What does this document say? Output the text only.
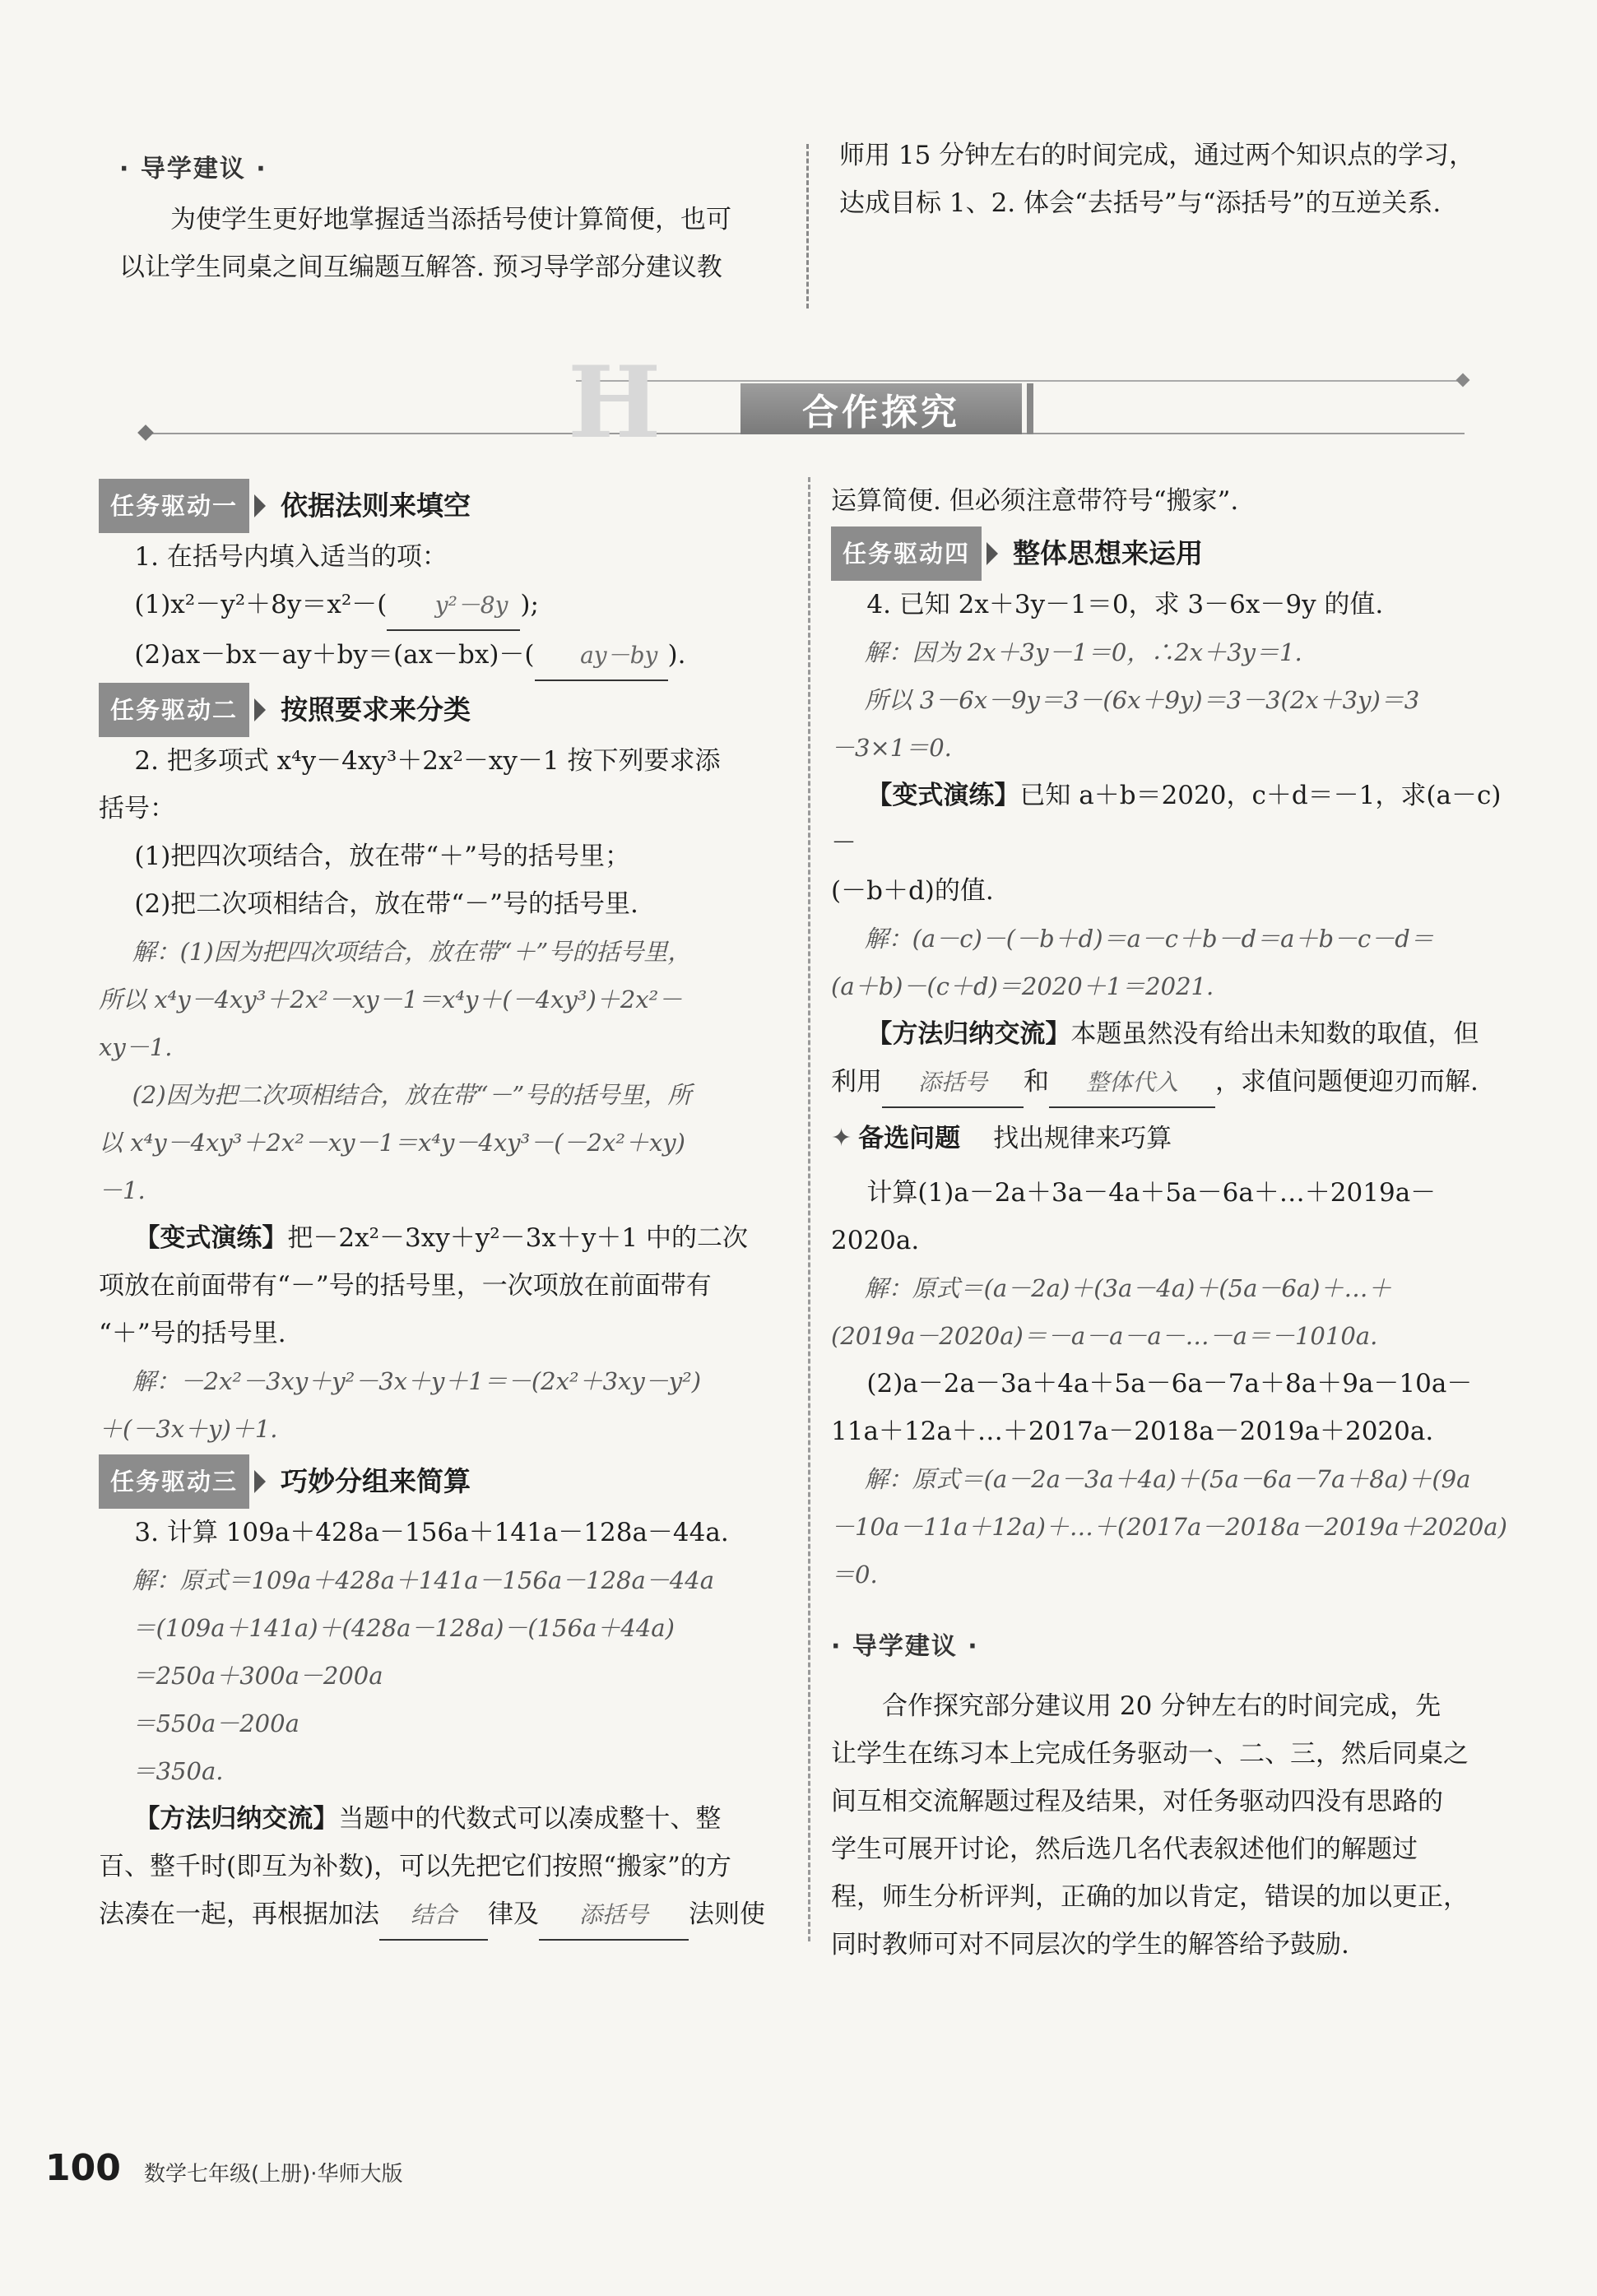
· 导学建议 ·

为使学生更好地掌握适当添括号使计算简便，也可

以让学生同桌之间互编题互解答. 预习导学部分建议教

师用 15 分钟左右的时间完成，通过两个知识点的学习，

达成目标 1、2. 体会“去括号”与“添括号”的互逆关系.

H	合作探究
任务驱动一	依据法则来填空

1. 在括号内填入适当的项：

(1)x²－y²＋8y＝x²－( y²－8y );

(2)ax－bx－ay＋by＝(ax－bx)－( ay－by ).

任务驱动二	按照要求来分类

2. 把多项式 x⁴y－4xy³＋2x²－xy－1 按下列要求添

括号：

(1)把四次项结合，放在带“＋”号的括号里；

(2)把二次项相结合，放在带“－”号的括号里.

解：(1)因为把四次项结合，放在带“＋”号的括号里，

所以 x⁴y－4xy³＋2x²－xy－1＝x⁴y＋(－4xy³)＋2x²－

xy－1.

(2)因为把二次项相结合，放在带“－”号的括号里，所

以 x⁴y－4xy³＋2x²－xy－1＝x⁴y－4xy³－(－2x²＋xy)

－1.

【变式演练】把－2x²－3xy＋y²－3x＋y＋1 中的二次

项放在前面带有“－”号的括号里，一次项放在前面带有

“＋”号的括号里.

解：－2x²－3xy＋y²－3x＋y＋1＝－(2x²＋3xy－y²)

＋(－3x＋y)＋1.

任务驱动三	巧妙分组来简算

3. 计算 109a＋428a－156a＋141a－128a－44a.

解：原式＝109a＋428a＋141a－156a－128a－44a

＝(109a＋141a)＋(428a－128a)－(156a＋44a)

＝250a＋300a－200a

＝550a－200a

＝350a.

【方法归纳交流】当题中的代数式可以凑成整十、整

百、整千时(即互为补数)，可以先把它们按照“搬家”的方

法凑在一起，再根据加法 结合 律及 添括号 法则使

运算简便. 但必须注意带符号“搬家”.

任务驱动四	整体思想来运用

4. 已知 2x＋3y－1＝0，求 3－6x－9y 的值.

解：因为 2x＋3y－1＝0，∴2x＋3y＝1.

所以 3－6x－9y＝3－(6x＋9y)＝3－3(2x＋3y)＝3

－3×1＝0.

【变式演练】已知 a＋b＝2020，c＋d＝－1，求(a－c)－

(－b＋d)的值.

解：(a－c)－(－b＋d)＝a－c＋b－d＝a＋b－c－d＝

(a＋b)－(c＋d)＝2020＋1＝2021.

【方法归纳交流】本题虽然没有给出未知数的取值，但

利用 添括号 和 整体代入 ，求值问题便迎刃而解.

✦ 备选问题 找出规律来巧算

计算(1)a－2a＋3a－4a＋5a－6a＋…＋2019a－

2020a.

解：原式＝(a－2a)＋(3a－4a)＋(5a－6a)＋…＋

(2019a－2020a)＝－a－a－a－…－a＝－1010a.

(2)a－2a－3a＋4a＋5a－6a－7a＋8a＋9a－10a－

11a＋12a＋…＋2017a－2018a－2019a＋2020a.

解：原式＝(a－2a－3a＋4a)＋(5a－6a－7a＋8a)＋(9a

－10a－11a＋12a)＋…＋(2017a－2018a－2019a＋2020a)

＝0.

· 导学建议 ·

合作探究部分建议用 20 分钟左右的时间完成，先

让学生在练习本上完成任务驱动一、二、三，然后同桌之

间互相交流解题过程及结果，对任务驱动四没有思路的

学生可展开讨论，然后选几名代表叙述他们的解题过

程，师生分析评判，正确的加以肯定，错误的加以更正，

同时教师可对不同层次的学生的解答给予鼓励.

100 数学七年级(上册)·华师大版
